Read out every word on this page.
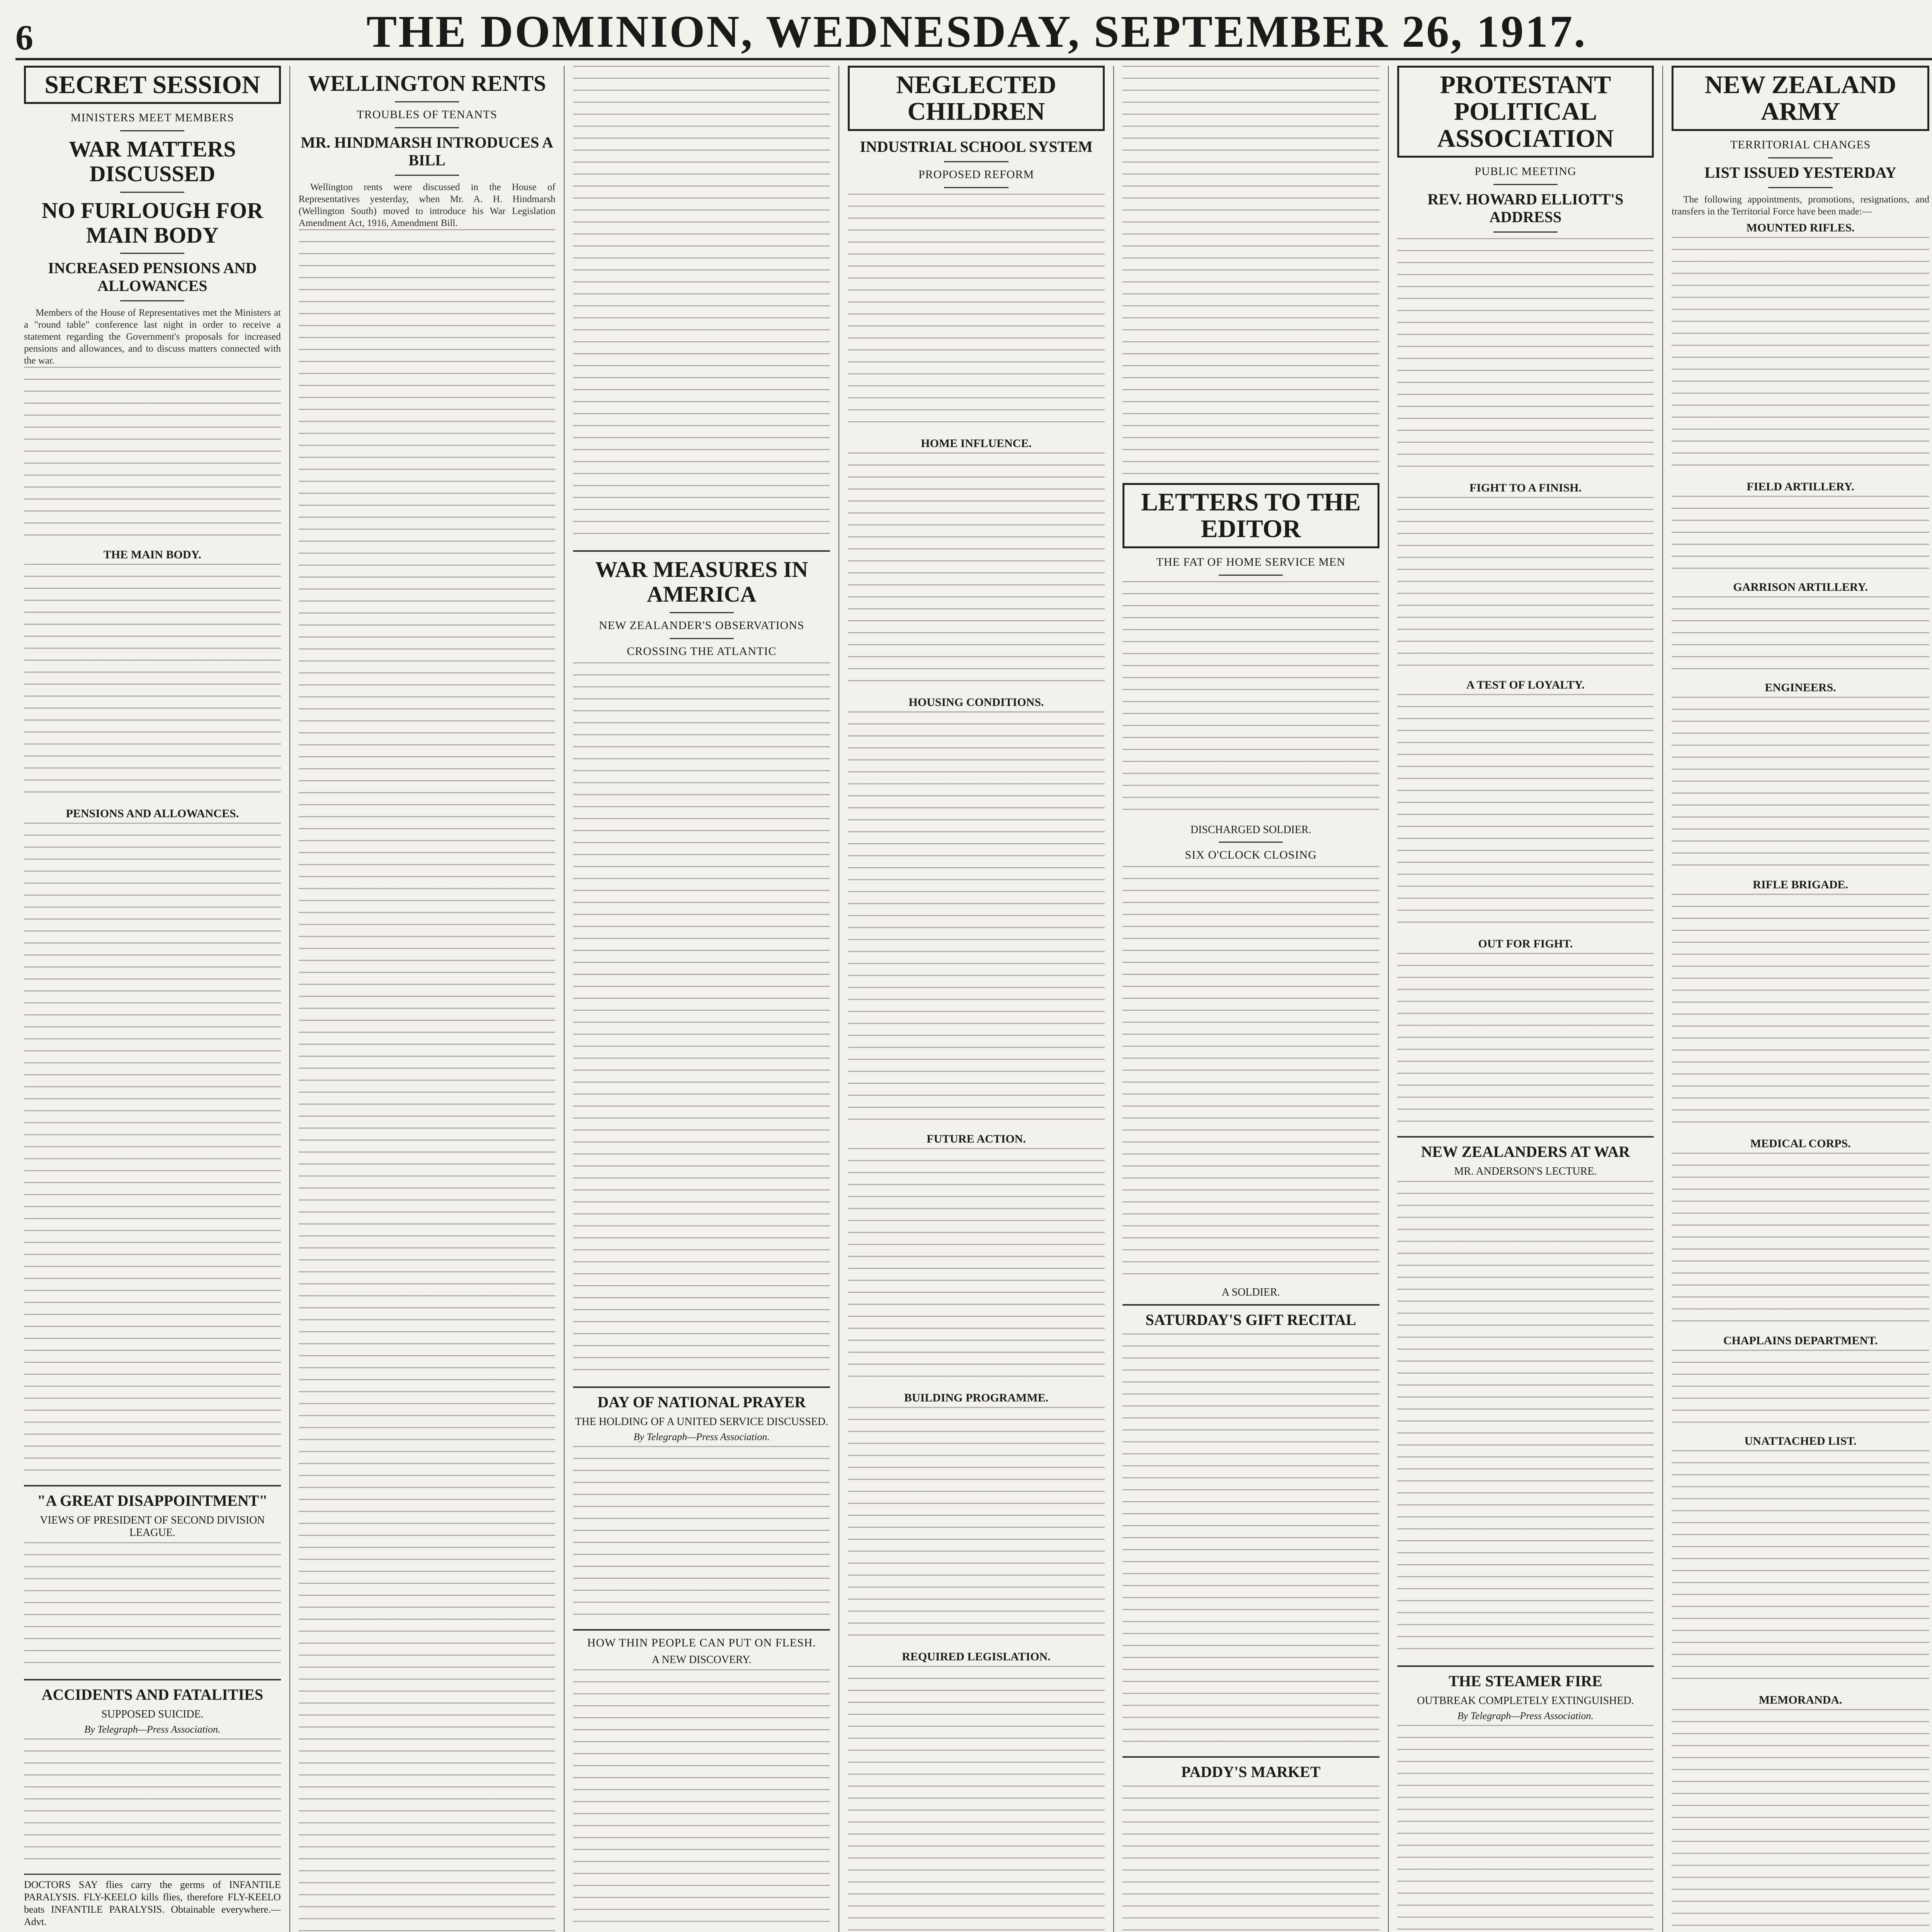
6	THE DOMINION, WEDNESDAY, SEPTEMBER 26, 1917.
SECRET SESSION
MINISTERS MEET MEMBERS
WAR MATTERS DISCUSSED
NO FURLOUGH FOR MAIN BODY
INCREASED PENSIONS AND ALLOWANCES

Members of the House of Representatives met the Ministers at a "round table" conference last night in order to receive a statement regarding the Government's proposals for increased pensions and allowances, and to discuss matters connected with the war.

THE MAIN BODY.
PENSIONS AND ALLOWANCES.
"A GREAT DISAPPOINTMENT"
VIEWS OF PRESIDENT OF SECOND DIVISION LEAGUE.
ACCIDENTS AND FATALITIES
SUPPOSED SUICIDE.
By Telegraph—Press Association.
DOCTORS SAY flies carry the germs of INFANTILE PARALYSIS. FLY-KEELO kills flies, therefore FLY-KEELO beats INFANTILE PARALYSIS. Obtainable everywhere.—Advt.
WELLINGTON RENTS
TROUBLES OF TENANTS
MR. HINDMARSH INTRODUCES A BILL

Wellington rents were discussed in the House of Representatives yesterday, when Mr. A. H. Hindmarsh (Wellington South) moved to introduce his War Legislation Amendment Act, 1916, Amendment Bill.

WAR MEASURES IN AMERICA
NEW ZEALANDER'S OBSERVATIONS
CROSSING THE ATLANTIC
DAY OF NATIONAL PRAYER
THE HOLDING OF A UNITED SERVICE DISCUSSED.
By Telegraph—Press Association.
HOW THIN PEOPLE CAN PUT ON FLESH.
A NEW DISCOVERY.
NEGLECTED CHILDREN
INDUSTRIAL SCHOOL SYSTEM
PROPOSED REFORM
HOME INFLUENCE.
HOUSING CONDITIONS.
FUTURE ACTION.
BUILDING PROGRAMME.
REQUIRED LEGISLATION.
LETTERS TO THE EDITOR
THE FAT OF HOME SERVICE MEN
DISCHARGED SOLDIER.
SIX O'CLOCK CLOSING
A SOLDIER.
SATURDAY'S GIFT RECITAL
PADDY'S MARKET
PROTESTANT POLITICAL ASSOCIATION
PUBLIC MEETING
REV. HOWARD ELLIOTT'S ADDRESS
FIGHT TO A FINISH.
A TEST OF LOYALTY.
OUT FOR FIGHT.
NEW ZEALANDERS AT WAR
MR. ANDERSON'S LECTURE.
THE STEAMER FIRE
OUTBREAK COMPLETELY EXTINGUISHED.
By Telegraph—Press Association.
NEW ZEALAND ARMY
TERRITORIAL CHANGES
LIST ISSUED YESTERDAY

The following appointments, promotions, resignations, and transfers in the Territorial Force have been made:—

MOUNTED RIFLES.
FIELD ARTILLERY.
GARRISON ARTILLERY.
ENGINEERS.
RIFLE BRIGADE.
MEDICAL CORPS.
CHAPLAINS DEPARTMENT.
UNATTACHED LIST.
MEMORANDA.
